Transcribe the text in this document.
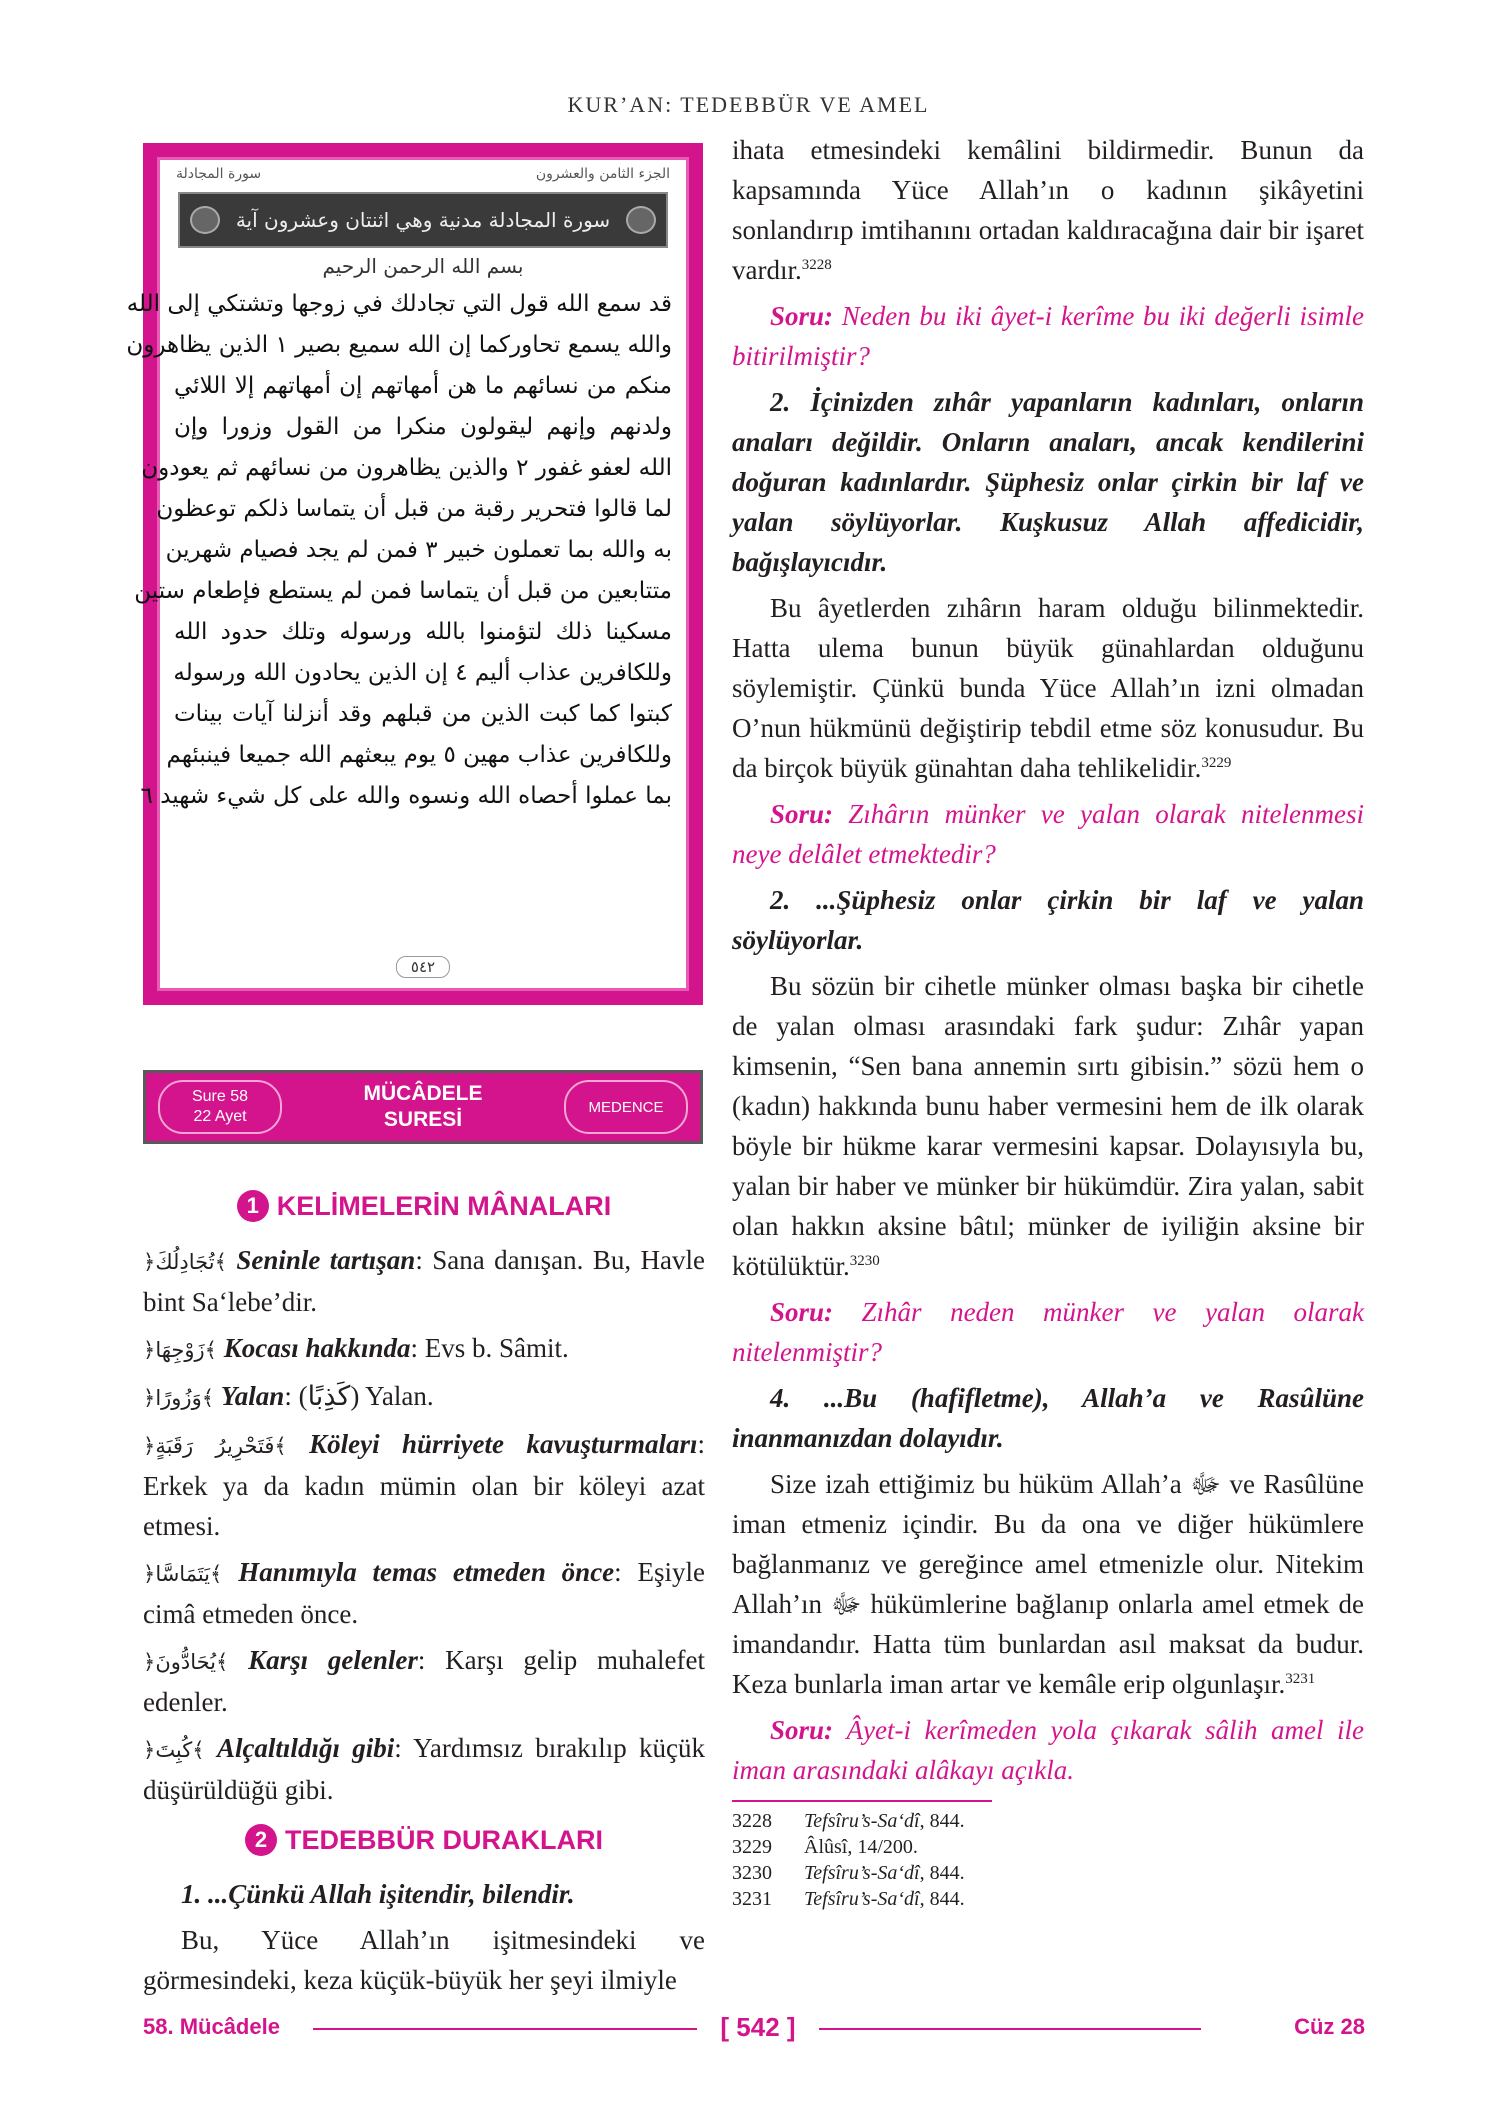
KUR’AN: TEDEBBÜR VE AMEL
الجزء الثامن والعشرون
سورة المجادلة
سورة المجادلة مدنية وهي اثنتان وعشرون آية
بسم الله الرحمن الرحيم
قد سمع الله قول التي تجادلك في زوجها وتشتكي إلى الله
والله يسمع تحاوركما إن الله سميع بصير ١ الذين يظاهرون
منكم من نسائهم ما هن أمهاتهم إن أمهاتهم إلا اللائي
ولدنهم وإنهم ليقولون منكرا من القول وزورا وإن
الله لعفو غفور ٢ والذين يظاهرون من نسائهم ثم يعودون
لما قالوا فتحرير رقبة من قبل أن يتماسا ذلكم توعظون
به والله بما تعملون خبير ٣ فمن لم يجد فصيام شهرين
متتابعين من قبل أن يتماسا فمن لم يستطع فإطعام ستين
مسكينا ذلك لتؤمنوا بالله ورسوله وتلك حدود الله
وللكافرين عذاب أليم ٤ إن الذين يحادون الله ورسوله
كبتوا كما كبت الذين من قبلهم وقد أنزلنا آيات بينات
وللكافرين عذاب مهين ٥ يوم يبعثهم الله جميعا فينبئهم
بما عملوا أحصاه الله ونسوه والله على كل شيء شهيد ٦
٥٤٢
Sure 58
22 Ayet
MÜCÂDELE
SURESİ
MEDENCE
1 KELİMELERİN MÂNALARI

﴿تُجَادِلُكَ﴾ Seninle tartışan: Sana danışan. Bu, Havle bint Sa‘lebe’dir.

﴿زَوْجِهَا﴾ Kocası hakkında: Evs b. Sâmit.

﴿وَزُورًا﴾ Yalan: (كَذِبًا) Yalan.

﴿فَتَحْرِيرُ رَقَبَةٍ﴾ Köleyi hürriyete kavuşturmaları: Erkek ya da kadın mümin olan bir köleyi azat etmesi.

﴿يَتَمَاسَّا﴾ Hanımıyla temas etmeden önce: Eşiyle cimâ etmeden önce.

﴿يُحَادُّونَ﴾ Karşı gelenler: Karşı gelip muhalefet edenler.

﴿كُبِتَ﴾ Alçaltıldığı gibi: Yardımsız bırakılıp küçük düşürüldüğü gibi.

2 TEDEBBÜR DURAKLARI

1. ...Çünkü Allah işitendir, bilendir.

Bu, Yüce Allah’ın işitmesindeki ve görmesindeki, keza küçük-büyük her şeyi ilmiyle

ihata etmesindeki kemâlini bildirmedir. Bunun da kapsamında Yüce Allah’ın o kadının şikâyetini sonlandırıp imtihanını ortadan kaldıracağına dair bir işaret vardır.$^{3228}$

Soru: Neden bu iki âyet-i kerîme bu iki değerli isimle bitirilmiştir?

2. İçinizden zıhâr yapanların kadınları, onların anaları değildir. Onların anaları, ancak kendilerini doğuran kadınlardır. Şüphesiz onlar çirkin bir laf ve yalan söylüyorlar. Kuşkusuz Allah affedicidir, bağışlayıcıdır.

Bu âyetlerden zıhârın haram olduğu bilinmektedir. Hatta ulema bunun büyük günahlardan olduğunu söylemiştir. Çünkü bunda Yüce Allah’ın izni olmadan O’nun hükmünü değiştirip tebdil etme söz konusudur. Bu da birçok büyük günahtan daha tehlikelidir.$^{3229}$

Soru: Zıhârın münker ve yalan olarak nitelenmesi neye delâlet etmektedir?

2. ...Şüphesiz onlar çirkin bir laf ve yalan söylüyorlar.

Bu sözün bir cihetle münker olması başka bir cihetle de yalan olması arasındaki fark şudur: Zıhâr yapan kimsenin, “Sen bana annemin sırtı gibisin.” sözü hem o (kadın) hakkında bunu haber vermesini hem de ilk olarak böyle bir hükme karar vermesini kapsar. Dolayısıyla bu, yalan bir haber ve münker bir hükümdür. Zira yalan, sabit olan hakkın aksine bâtıl; münker de iyiliğin aksine bir kötülüktür.$^{3230}$

Soru: Zıhâr neden münker ve yalan olarak nitelenmiştir?

4. ...Bu (hafifletme), Allah’a ve Rasûlüne inanmanızdan dolayıdır.

Size izah ettiğimiz bu hüküm Allah’a ﷻ ve Rasûlüne iman etmeniz içindir. Bu da ona ve diğer hükümlere bağlanmanız ve gereğince amel etmenizle olur. Nitekim Allah’ın ﷻ hükümlerine bağlanıp onlarla amel etmek de imandandır. Hatta tüm bunlardan asıl maksat da budur. Keza bunlarla iman artar ve kemâle erip olgunlaşır.$^{3231}$

Soru: Âyet-i kerîmeden yola çıkarak sâlih amel ile iman arasındaki alâkayı açıkla.

3228 Tefsîru’s-Sa‘dî, 844.
3229 Âlûsî, 14/200.
3230 Tefsîru’s-Sa‘dî, 844.
3231 Tefsîru’s-Sa‘dî, 844.
58. Mücâdele	[ 542 ]	Cüz 28
